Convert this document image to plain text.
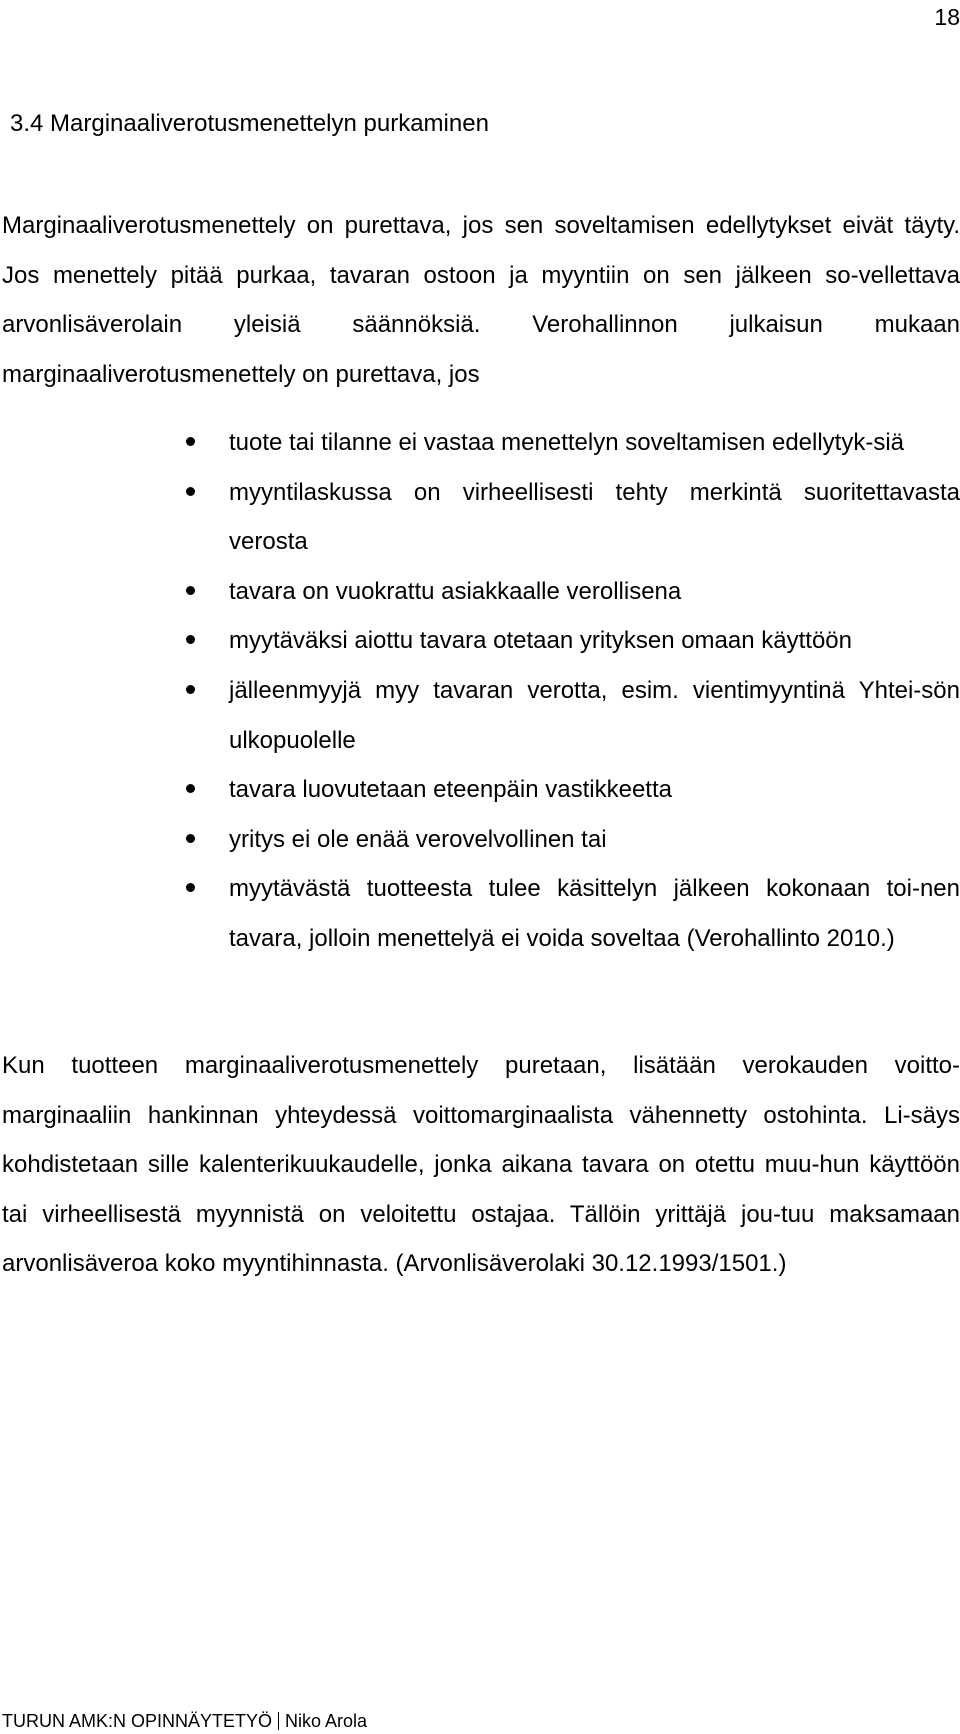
18
3.4 Marginaaliverotusmenettelyn purkaminen

Marginaaliverotusmenettely on purettava, jos sen soveltamisen edellytykset eivät täyty. Jos menettely pitää purkaa, tavaran ostoon ja myyntiin on sen jälkeen so-vellettava arvonlisäverolain yleisiä säännöksiä. Verohallinnon julkaisun mukaan marginaaliverotusmenettely on purettava, jos

tuote tai tilanne ei vastaa menettelyn soveltamisen edellytyk-siä
myyntilaskussa on virheellisesti tehty merkintä suoritettavasta verosta
tavara on vuokrattu asiakkaalle verollisena
myytäväksi aiottu tavara otetaan yrityksen omaan käyttöön
jälleenmyyjä myy tavaran verotta, esim. vientimyyntinä Yhtei-sön ulkopuolelle
tavara luovutetaan eteenpäin vastikkeetta
yritys ei ole enää verovelvollinen tai
myytävästä tuotteesta tulee käsittelyn jälkeen kokonaan toi-nen tavara, jolloin menettelyä ei voida soveltaa (Verohallinto 2010.)

Kun tuotteen marginaaliverotusmenettely puretaan, lisätään verokauden voitto-marginaaliin hankinnan yhteydessä voittomarginaalista vähennetty ostohinta. Li-säys kohdistetaan sille kalenterikuukaudelle, jonka aikana tavara on otettu muu-hun käyttöön tai virheellisestä myynnistä on veloitettu ostajaa. Tällöin yrittäjä jou-tuu maksamaan arvonlisäveroa koko myyntihinnasta. (Arvonlisäverolaki 30.12.1993/1501.)

TURUN AMK:N OPINNÄYTETYÖ Niko Arola
